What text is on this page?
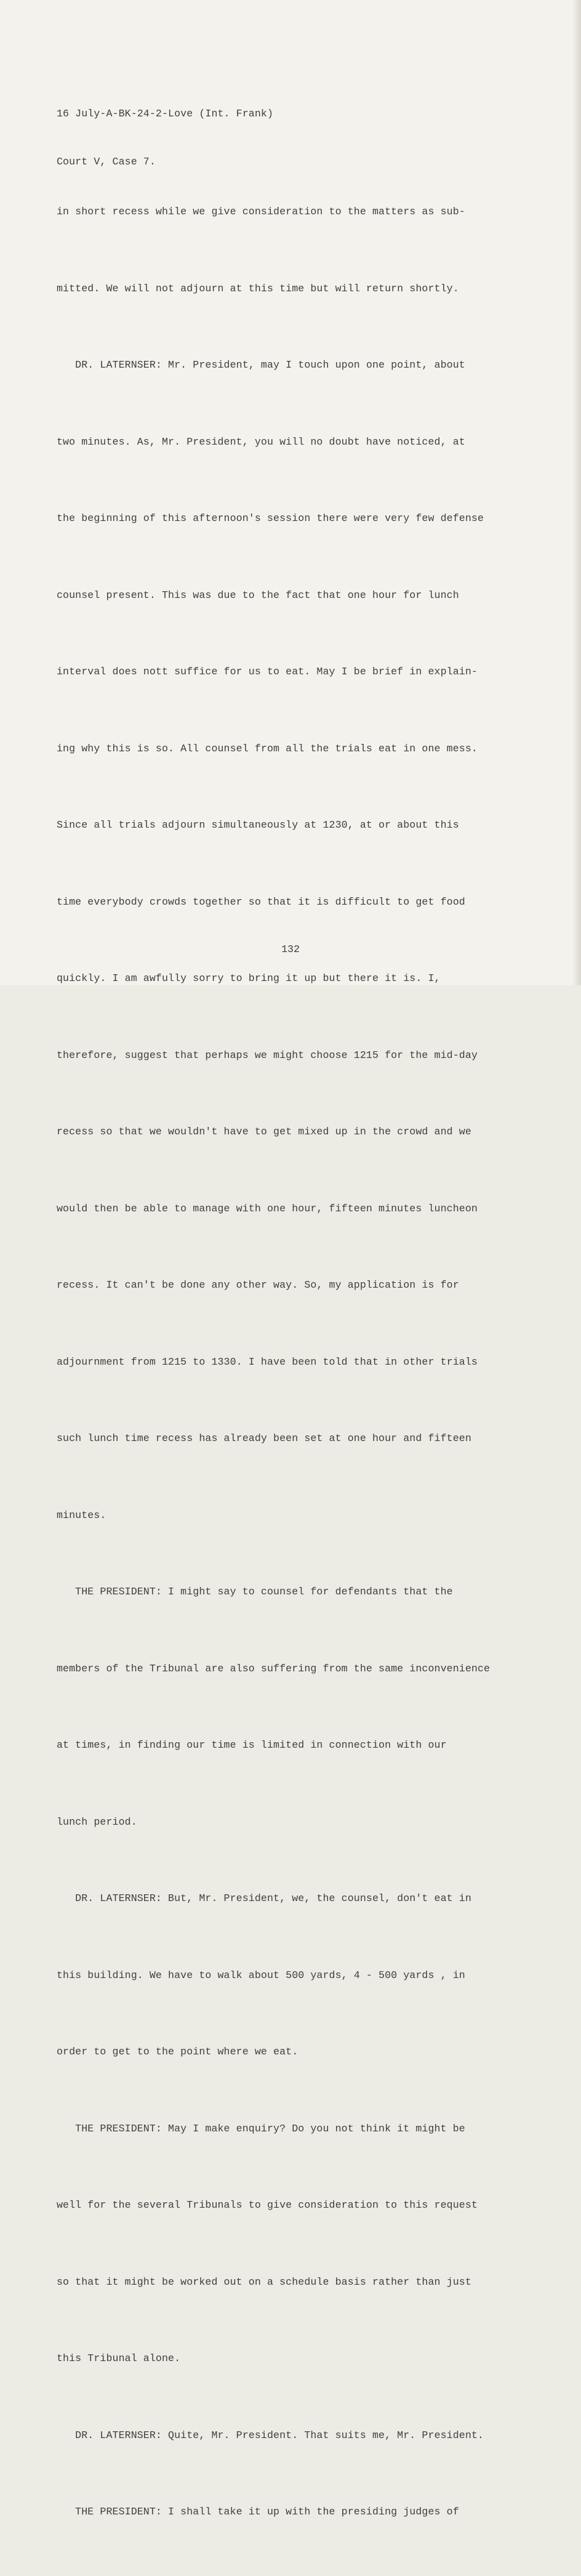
16 July-A-BK-24-2-Love (Int. Frank)

Court V, Case 7.

in short recess while we give consideration to the matters as sub-

mitted. We will not adjourn at this time but will return shortly.

DR. LATERNSER: Mr. President, may I touch upon one point, about

two minutes. As, Mr. President, you will no doubt have noticed, at

the beginning of this afternoon's session there were very few defense

counsel present. This was due to the fact that one hour for lunch

interval does nott suffice for us to eat. May I be brief in explain-

ing why this is so. All counsel from all the trials eat in one mess.

Since all trials adjourn simultaneously at 1230, at or about this

time everybody crowds together so that it is difficult to get food

quickly. I am awfully sorry to bring it up but there it is. I,

therefore, suggest that perhaps we might choose 1215 for the mid-day

recess so that we wouldn't have to get mixed up in the crowd and we

would then be able to manage with one hour, fifteen minutes luncheon

recess. It can't be done any other way. So, my application is for

adjournment from 1215 to 1330. I have been told that in other trials

such lunch time recess has already been set at one hour and fifteen

minutes.

THE PRESIDENT: I might say to counsel for defendants that the

members of the Tribunal are also suffering from the same inconvenience

at times, in finding our time is limited in connection with our

lunch period.

DR. LATERNSER: But, Mr. President, we, the counsel, don't eat in

this building. We have to walk about 500 yards, 4 - 500 yards , in

order to get to the point where we eat.

THE PRESIDENT: May I make enquiry? Do you not think it might be

well for the several Tribunals to give consideration to this request

so that it might be worked out on a schedule basis rather than just

this Tribunal alone.

DR. LATERNSER: Quite, Mr. President. That suits me, Mr. President.

THE PRESIDENT: I shall take it up with the presiding judges of

132
